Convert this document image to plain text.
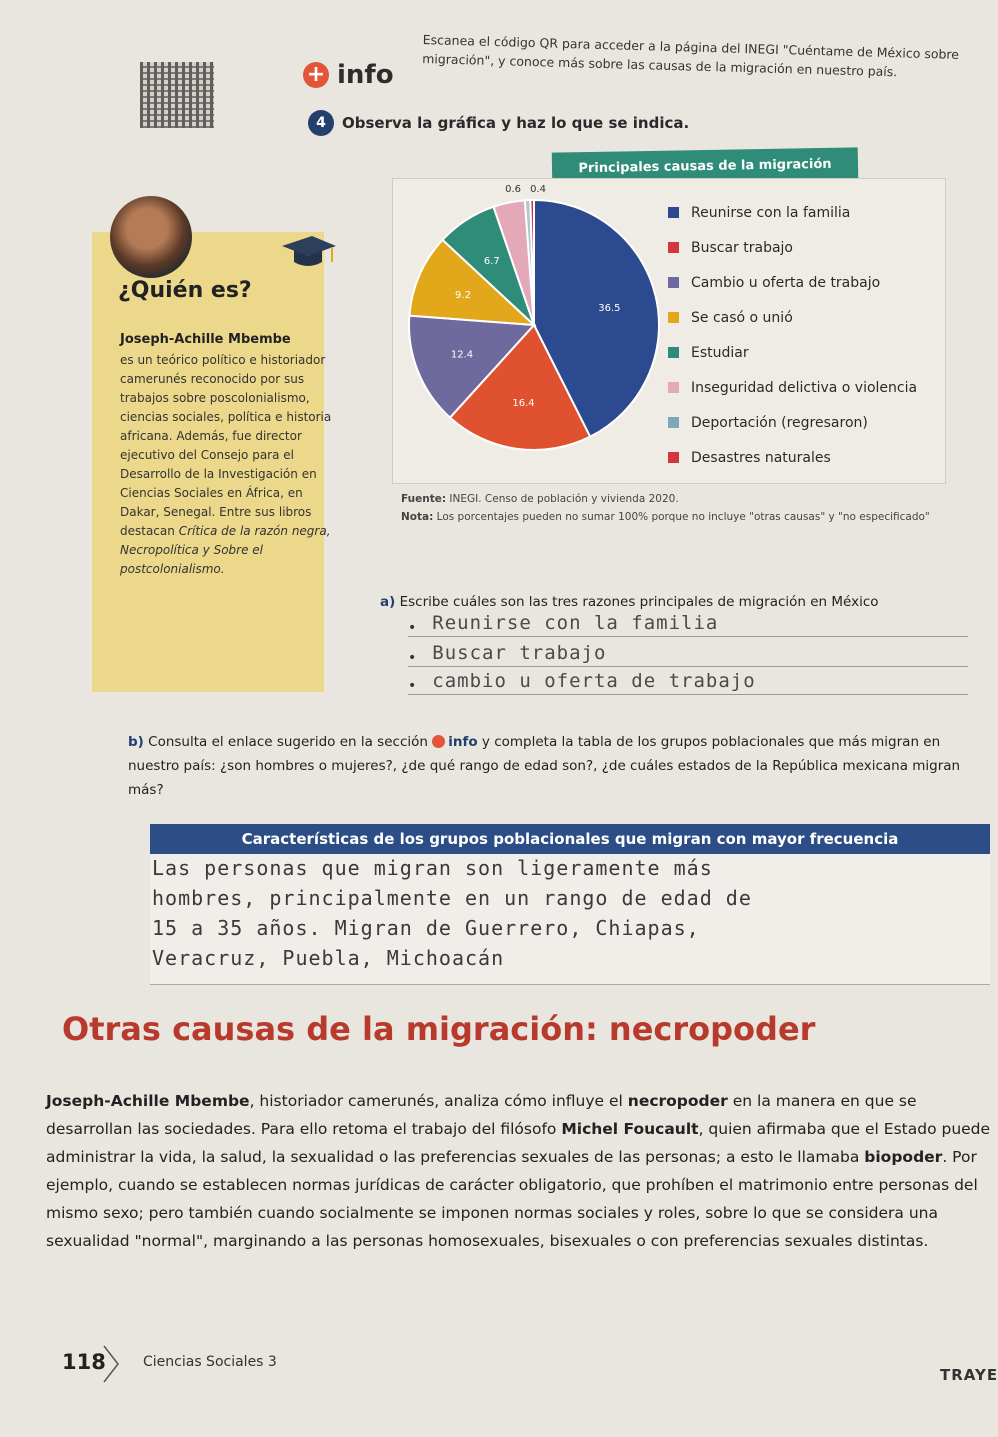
+ info
Escanea el código QR para acceder a la página del INEGI "Cuéntame de México sobre migración", y conoce más sobre las causas de la migración en nuestro país.
4	Observa la gráfica y haz lo que se indica.
¿Quién es?
Joseph-Achille Mbembe
es un teórico político e historiador camerunés reconocido por sus trabajos sobre poscolonialismo, ciencias sociales, política e historia africana. Además, fue director ejecutivo del Consejo para el Desarrollo de la Investigación en Ciencias Sociales en África, en Dakar, Senegal. Entre sus libros destacan Crítica de la razón negra, Necropolítica y Sobre el postcolonialismo.
Principales causas de la migración
36.5
16.4
12.4
9.2
6.7
0.6 0.4
Reunirse con la familia
Buscar trabajo
Cambio u oferta de trabajo
Se casó o unió
Estudiar
Inseguridad delictiva o violencia
Deportación (regresaron)
Desastres naturales
Fuente: INEGI. Censo de población y vivienda 2020.
Nota: Los porcentajes pueden no sumar 100% porque no incluye "otras causas" y "no especificado"
a) Escribe cuáles son las tres razones principales de migración en México
• Reunirse con la familia
• Buscar trabajo
• cambio u oferta de trabajo
b) Consulta el enlace sugerido en la sección info y completa la tabla de los grupos poblacionales que más migran en nuestro país: ¿son hombres o mujeres?, ¿de qué rango de edad son?, ¿de cuáles estados de la República mexicana migran más?
Características de los grupos poblacionales que migran con mayor frecuencia
Las personas que migran son ligeramente más
hombres, principalmente en un rango de edad de
15 a 35 años. Migran de Guerrero, Chiapas,
Veracruz, Puebla, Michoacán
Otras causas de la migración: necropoder
Joseph-Achille Mbembe, historiador camerunés, analiza cómo influye el necropoder en la manera en que se desarrollan las sociedades. Para ello retoma el trabajo del filósofo Michel Foucault, quien afirmaba que el Estado puede administrar la vida, la salud, la sexualidad o las preferencias sexuales de las personas; a esto le llamaba biopoder. Por ejemplo, cuando se establecen normas jurídicas de carácter obligatorio, que prohíben el matrimonio entre personas del mismo sexo; pero también cuando socialmente se imponen normas sociales y roles, sobre lo que se considera una sexualidad "normal", marginando a las personas homosexuales, bisexuales o con preferencias sexuales distintas.
118	Ciencias Sociales 3
TRAYE
